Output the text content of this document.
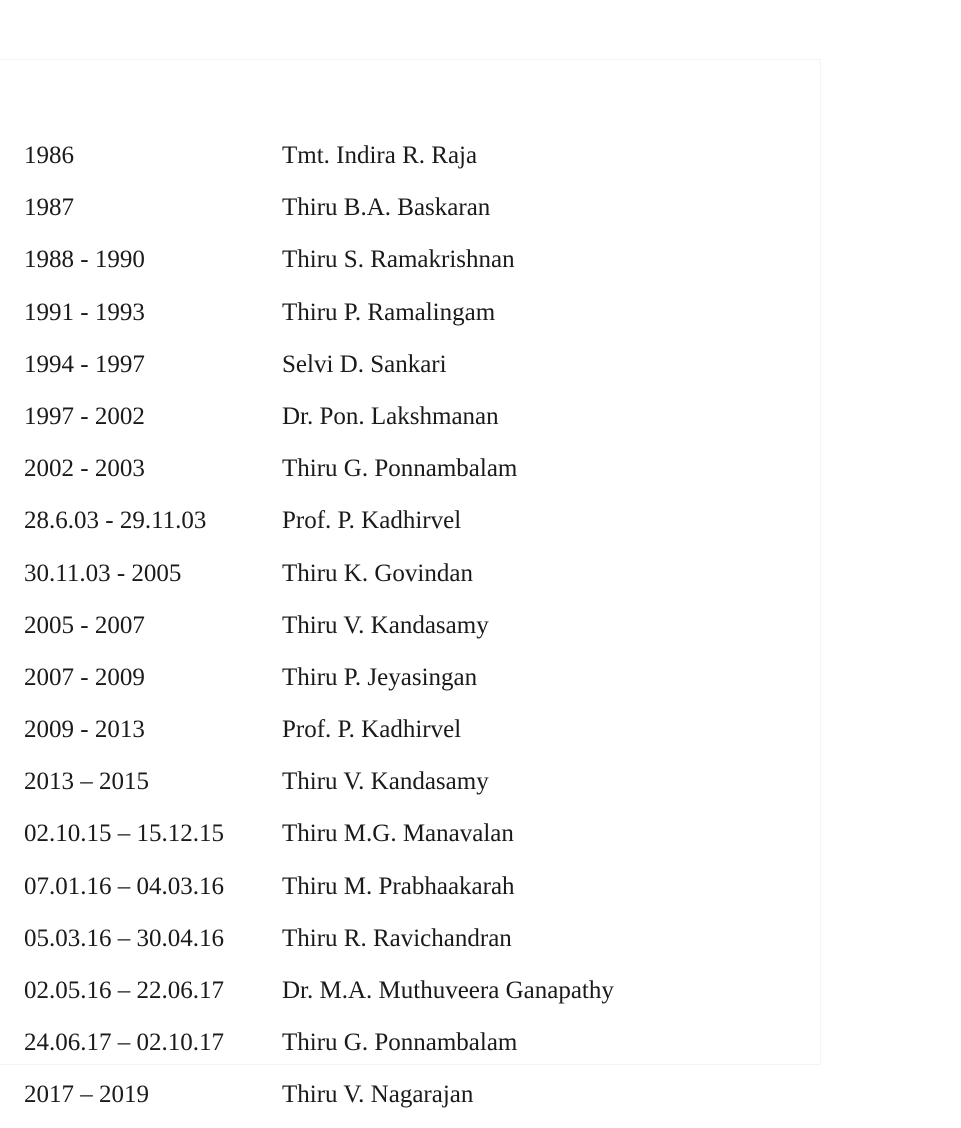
1986	Tmt. Indira R. Raja
1987	Thiru B.A. Baskaran
1988 - 1990	Thiru S. Ramakrishnan
1991 - 1993	Thiru P. Ramalingam
1994 - 1997	Selvi D. Sankari
1997 - 2002	Dr. Pon. Lakshmanan
2002 - 2003	Thiru G. Ponnambalam
28.6.03 - 29.11.03	Prof. P. Kadhirvel
30.11.03 - 2005	Thiru K. Govindan
2005 - 2007	Thiru V. Kandasamy
2007 - 2009	Thiru P. Jeyasingan
2009 - 2013	Prof. P. Kadhirvel
2013 – 2015	Thiru V. Kandasamy
02.10.15 – 15.12.15 Thiru M.G. Manavalan
07.01.16 – 04.03.16 Thiru M. Prabhaakarah
05.03.16 – 30.04.16 Thiru R. Ravichandran
02.05.16 – 22.06.17 Dr. M.A. Muthuveera Ganapathy
24.06.17 – 02.10.17 Thiru G. Ponnambalam
2017 – 2019	Thiru V. Nagarajan
